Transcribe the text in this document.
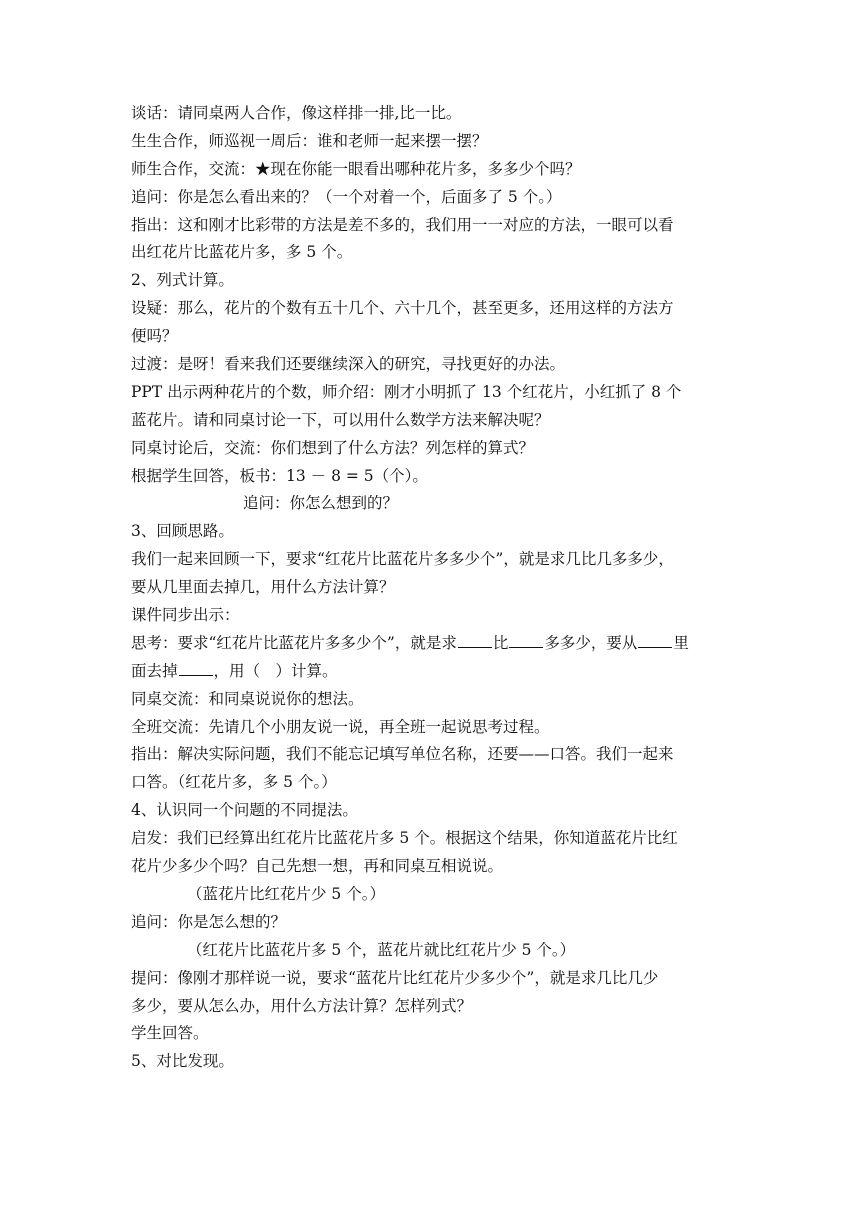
谈话：请同桌两人合作，像这样排一排,比一比。
生生合作，师巡视一周后：谁和老师一起来摆一摆？
师生合作，交流：★现在你能一眼看出哪种花片多，多多少个吗？
追问：你是怎么看出来的？（一个对着一个，后面多了 5 个。）
指出：这和刚才比彩带的方法是差不多的，我们用一一对应的方法，一眼可以看
出红花片比蓝花片多，多 5 个。
2、列式计算。
设疑：那么，花片的个数有五十几个、六十几个，甚至更多，还用这样的方法方
便吗？
过渡：是呀！看来我们还要继续深入的研究，寻找更好的办法。
PPT 出示两种花片的个数，师介绍：刚才小明抓了 13 个红花片，小红抓了 8 个
蓝花片。请和同桌讨论一下，可以用什么数学方法来解决呢？
同桌讨论后，交流：你们想到了什么方法？列怎样的算式？
根据学生回答，板书：13 － 8 = 5（个）。
追问：你怎么想到的？
3、回顾思路。
我们一起来回顾一下，要求“红花片比蓝花片多多少个”，就是求几比几多多少，
要从几里面去掉几，用什么方法计算？
课件同步出示：
思考：要求“红花片比蓝花片多多少个”，就是求 比 多多少，要从 里
面去掉 ，用（　）计算。
同桌交流：和同桌说说你的想法。
全班交流：先请几个小朋友说一说，再全班一起说思考过程。
指出：解决实际问题，我们不能忘记填写单位名称，还要——口答。我们一起来
口答。（红花片多，多 5 个。）
4、认识同一个问题的不同提法。
启发：我们已经算出红花片比蓝花片多 5 个。根据这个结果，你知道蓝花片比红
花片少多少个吗？自己先想一想，再和同桌互相说说。
（蓝花片比红花片少 5 个。）
追问：你是怎么想的？
（红花片比蓝花片多 5 个，蓝花片就比红花片少 5 个。）
提问：像刚才那样说一说，要求“蓝花片比红花片少多少个”，就是求几比几少
多少，要从怎么办，用什么方法计算？怎样列式？
学生回答。
5、对比发现。
